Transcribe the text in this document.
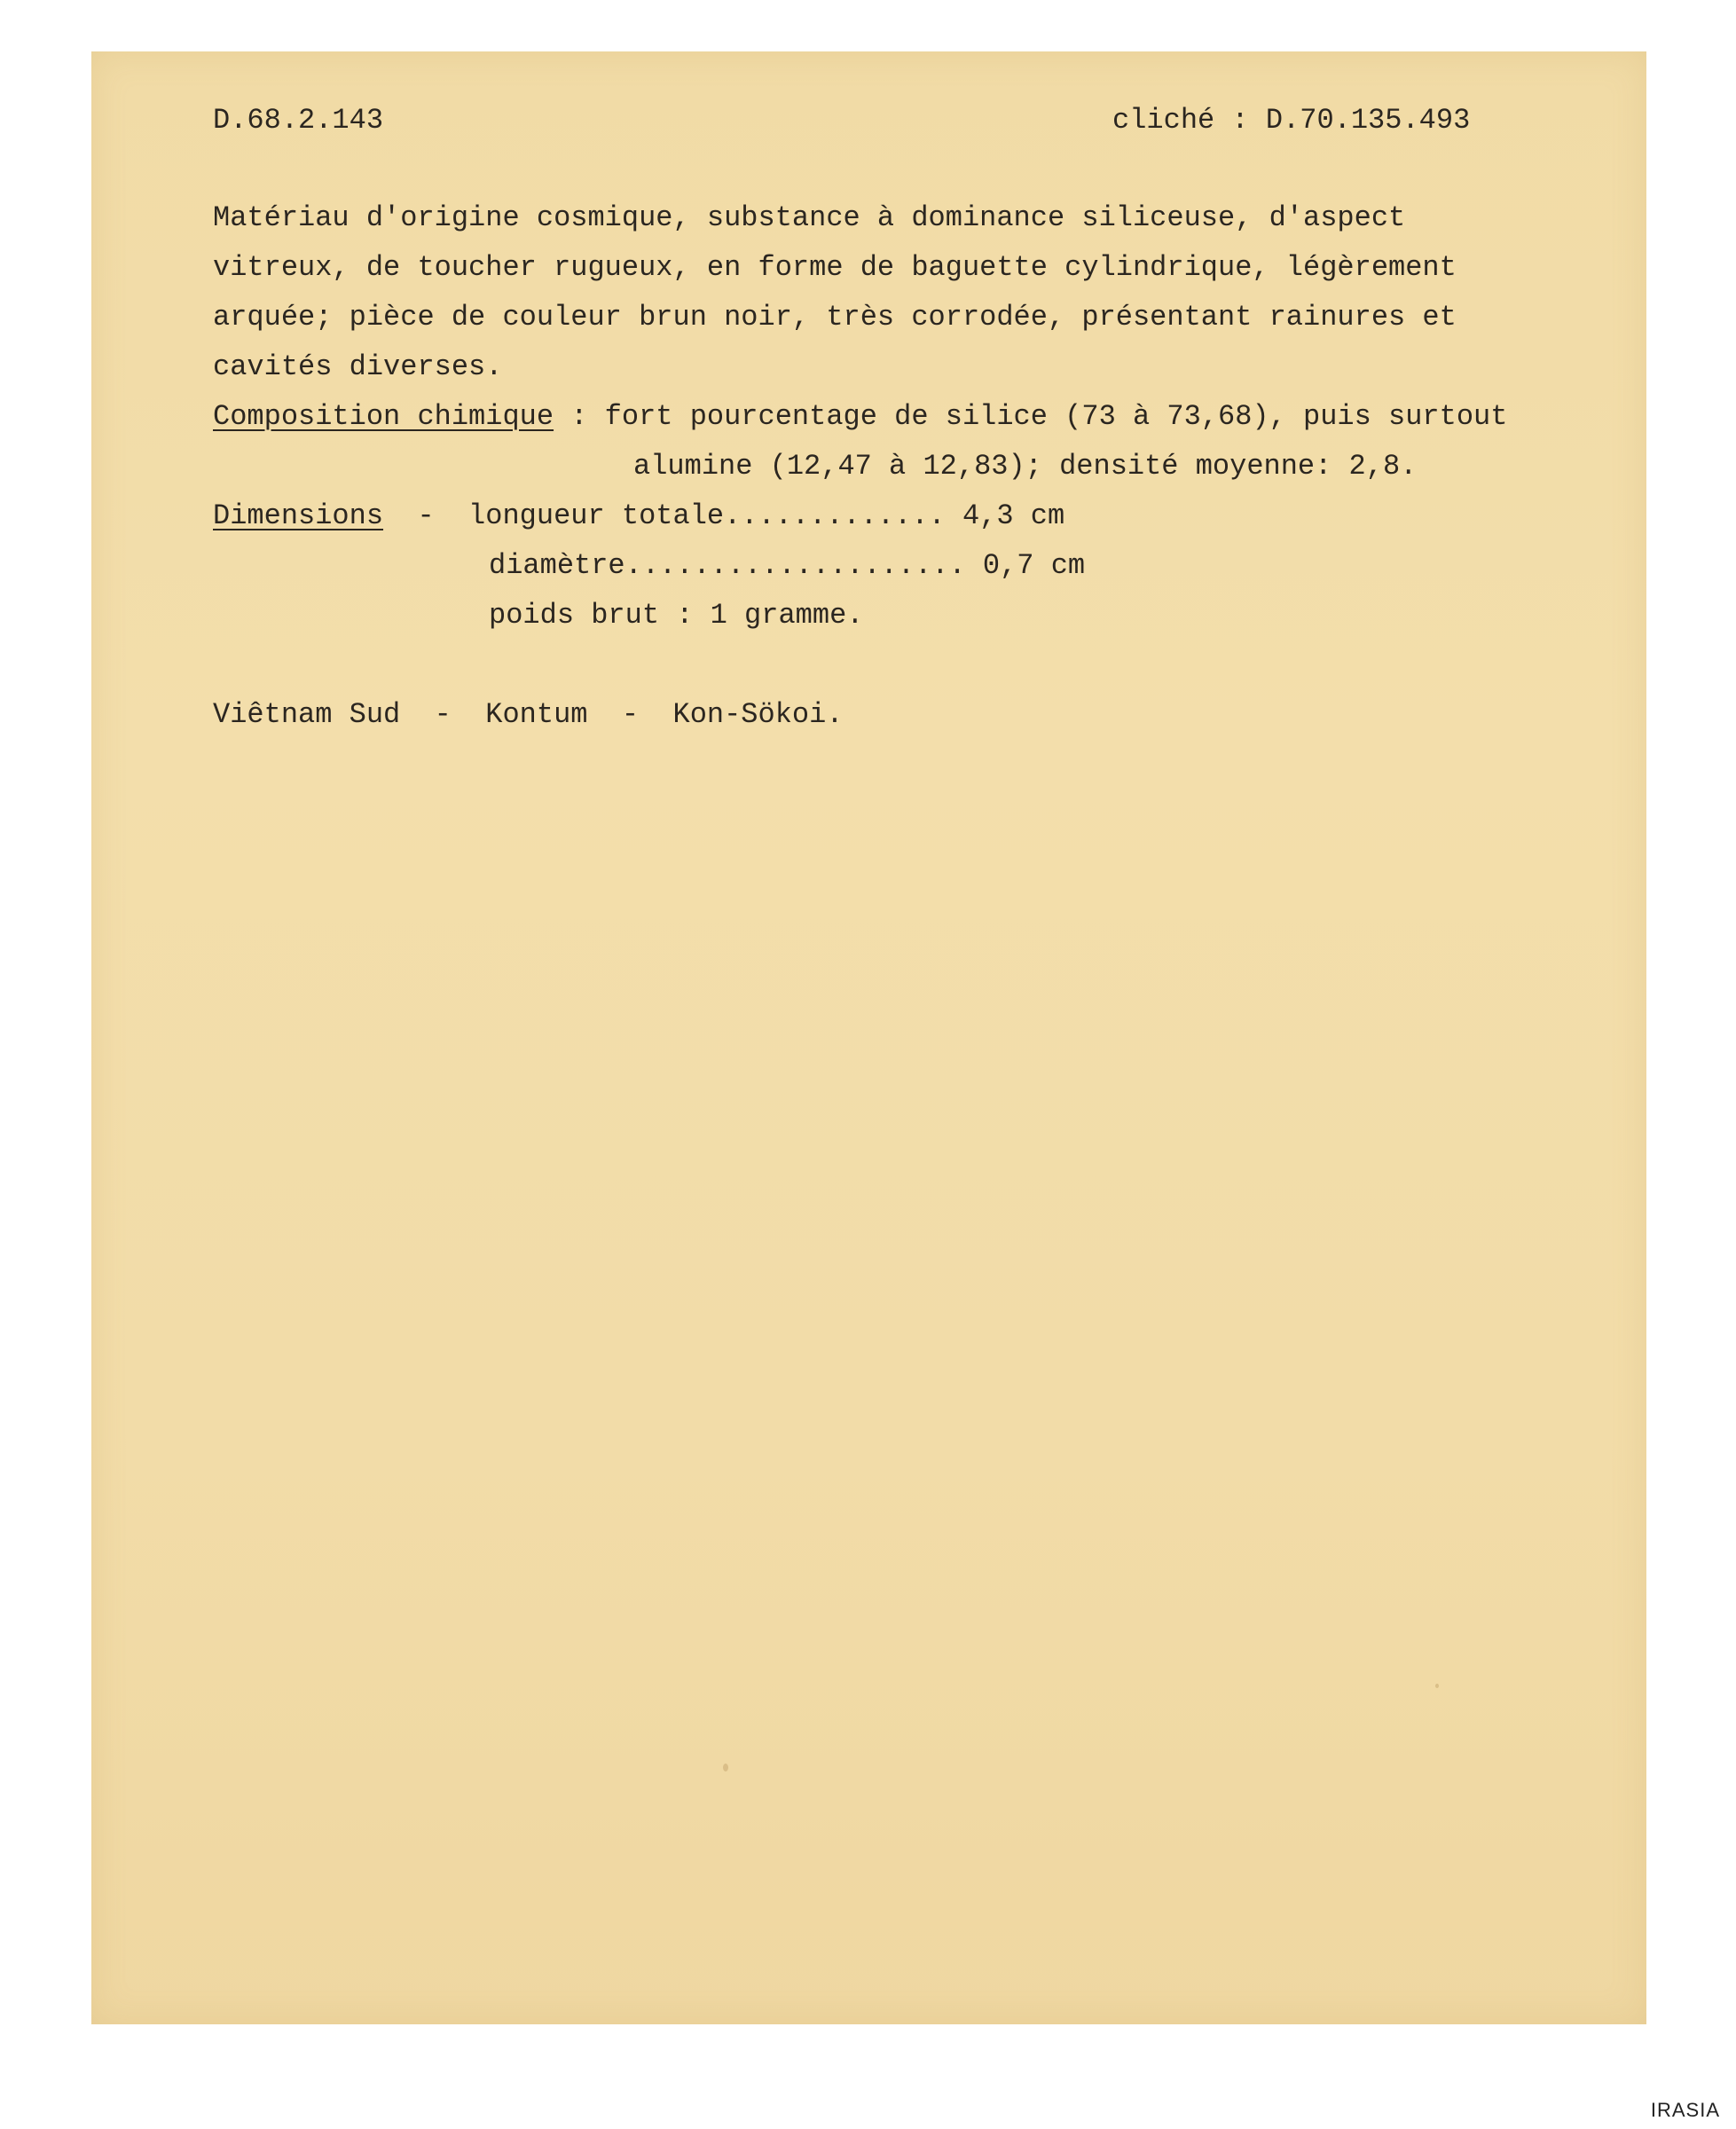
D.68.2.143	cliché : D.70.135.493
Matériau d'origine cosmique, substance à dominance siliceuse, d'aspect
vitreux, de toucher rugueux, en forme de baguette cylindrique, légèrement
arquée; pièce de couleur brun noir, très corrodée, présentant rainures et
cavités diverses.
Composition chimique : fort pourcentage de silice (73 à 73,68), puis surtout
alumine (12,47 à 12,83); densité moyenne: 2,8.
Dimensions  -  longueur totale............. 4,3 cm
diamètre.................... 0,7 cm
poids brut : 1 gramme.
Viêtnam Sud  -  Kontum  -  Kon-Sökoi.
IRASIA
